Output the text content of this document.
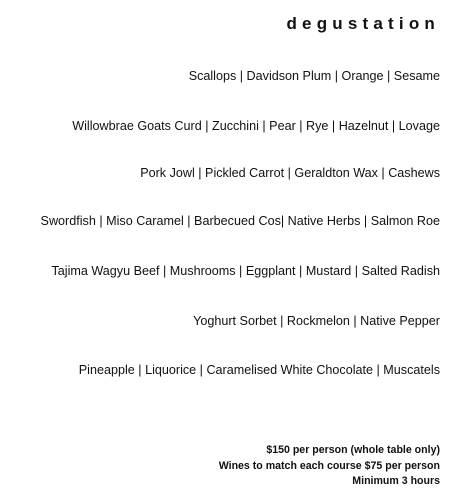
degustation

Scallops | Davidson Plum | Orange | Sesame

Willowbrae Goats Curd | Zucchini | Pear | Rye | Hazelnut | Lovage

Pork Jowl | Pickled Carrot | Geraldton Wax | Cashews

Swordfish | Miso Caramel | Barbecued Cos| Native Herbs | Salmon Roe

Tajima Wagyu Beef | Mushrooms | Eggplant | Mustard | Salted Radish

Yoghurt Sorbet | Rockmelon | Native Pepper

Pineapple | Liquorice | Caramelised White Chocolate | Muscatels

$150 per person (whole table only)
Wines to match each course $75 per person
Minimum 3 hours
